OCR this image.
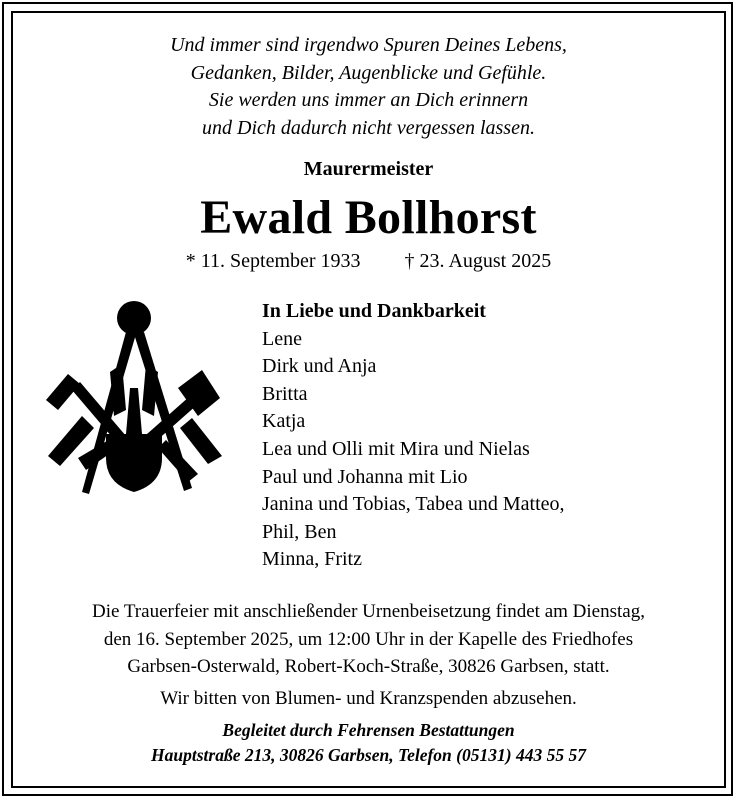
Und immer sind irgendwo Spuren Deines Lebens,
Gedanken, Bilder, Augenblicke und Gefühle.
Sie werden uns immer an Dich erinnern
und Dich dadurch nicht vergessen lassen.
Maurermeister
Ewald Bollhorst
* 11. September 1933 † 23. August 2025
In Liebe und Dankbarkeit
Lene
Dirk und Anja
Britta
Katja
Lea und Olli mit Mira und Nielas
Paul und Johanna mit Lio
Janina und Tobias, Tabea und Matteo,
Phil, Ben
Minna, Fritz
Die Trauerfeier mit anschließender Urnenbeisetzung findet am Dienstag,
den 16. September 2025, um 12:00 Uhr in der Kapelle des Friedhofes
Garbsen-Osterwald, Robert-Koch-Straße, 30826 Garbsen, statt.
Wir bitten von Blumen- und Kranzspenden abzusehen.
Begleitet durch Fehrensen Bestattungen
Hauptstraße 213, 30826 Garbsen, Telefon (05131) 443 55 57
